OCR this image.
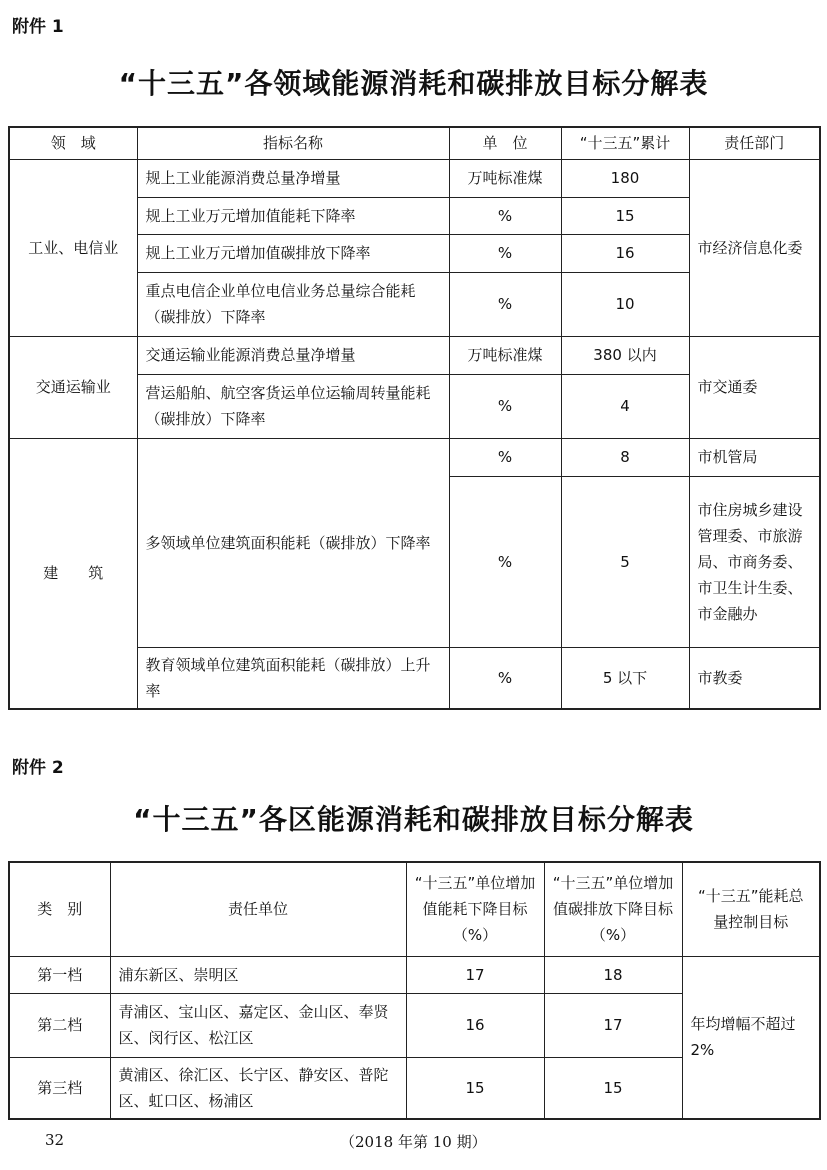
附件 1
“十三五”各领域能源消耗和碳排放目标分解表
领　域	指标名称	单　位	“十三五”累计	责任部门
工业、电信业	规上工业能源消费总量净增量	万吨标准煤	180	市经济信息化委
	规上工业万元增加值能耗下降率	%	15	
	规上工业万元增加值碳排放下降率	%	16	
	重点电信企业单位电信业务总量综合能耗（碳排放）下降率	%	10	
交通运输业	交通运输业能源消费总量净增量	万吨标准煤	380 以内	市交通委
	营运船舶、航空客货运单位运输周转量能耗（碳排放）下降率	%	4	
建　　筑	多领域单位建筑面积能耗（碳排放）下降率	%	8	市机管局
		%	5	市住房城乡建设管理委、市旅游局、市商务委、市卫生计生委、市金融办
	教育领域单位建筑面积能耗（碳排放）上升率	%	5 以下	市教委
附件 2
“十三五”各区能源消耗和碳排放目标分解表
类　别	责任单位	“十三五”单位增加值能耗下降目标（%）	“十三五”单位增加值碳排放下降目标（%）	“十三五”能耗总量控制目标
第一档	浦东新区、崇明区	17	18	年均增幅不超过 2%
第二档	青浦区、宝山区、嘉定区、金山区、奉贤区、闵行区、松江区	16	17	
第三档	黄浦区、徐汇区、长宁区、静安区、普陀区、虹口区、杨浦区	15	15	
32	（2018 年第 10 期）
